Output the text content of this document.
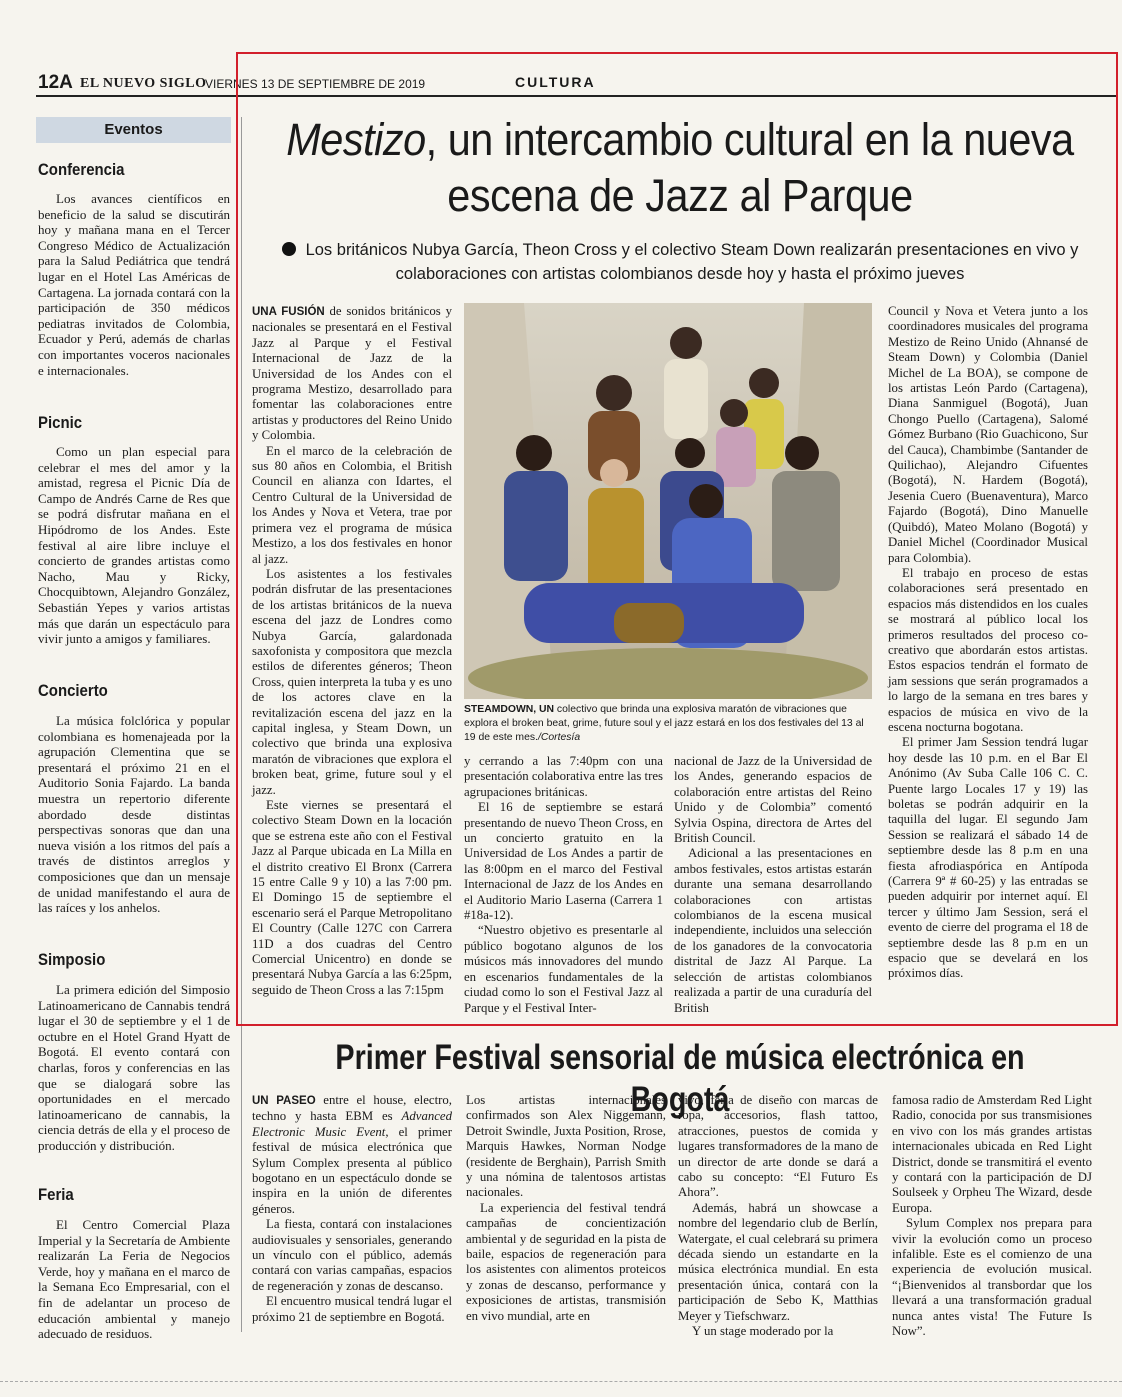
12A EL NUEVO SIGLO
VIERNES 13 DE SEPTIEMBRE DE 2019	CULTURA
Eventos
Conferencia
Los avances científicos en beneficio de la salud se discutirán hoy y mañana mana en el Tercer Congreso Médico de Actualización para la Salud Pediátrica que tendrá lugar en el Hotel Las Américas de Cartagena. La jornada contará con la participación de 350 médicos pediatras invitados de Colombia, Ecuador y Perú, además de charlas con importantes voceros nacionales e internacionales.
Picnic
Como un plan especial para celebrar el mes del amor y la amistad, regresa el Picnic Día de Campo de Andrés Carne de Res que se podrá disfrutar mañana en el Hipódromo de los Andes. Este festival al aire libre incluye el concierto de grandes artistas como Nacho, Mau y Ricky, Chocquibtown, Alejandro González, Sebastián Yepes y varios artistas más que darán un espectáculo para vivir junto a amigos y familiares.
Concierto
La música folclórica y popular colombiana es homenajeada por la agrupación Clementina que se presentará el próximo 21 en el Auditorio Sonia Fajardo. La banda muestra un repertorio diferente abordado desde distintas perspectivas sonoras que dan una nueva visión a los ritmos del país a través de distintos arreglos y composiciones que dan un mensaje de unidad manifestando el aura de las raíces y los anhelos.
Simposio
La primera edición del Simposio Latinoamericano de Cannabis tendrá lugar el 30 de septiembre y el 1 de octubre en el Hotel Grand Hyatt de Bogotá. El evento contará con charlas, foros y conferencias en las que se dialogará sobre las oportunidades en el mercado latinoamericano de cannabis, la ciencia detrás de ella y el proceso de producción y distribución.
Feria
El Centro Comercial Plaza Imperial y la Secretaría de Ambiente realizarán La Feria de Negocios Verde, hoy y mañana en el marco de la Semana Eco Empresarial, con el fin de adelantar un proceso de educación ambiental y manejo adecuado de residuos.
Mestizo, un intercambio cultural en la nueva escena de Jazz al Parque
Los británicos Nubya García, Theon Cross y el colectivo Steam Down realizarán presentaciones en vivo y colaboraciones con artistas colombianos desde hoy y hasta el próximo jueves

UNA FUSIÓN de sonidos británicos y nacionales se presentará en el Festival Jazz al Parque y el Festival Internacional de Jazz de la Universidad de los Andes con el programa Mestizo, desarrollado para fomentar las colaboraciones entre artistas y productores del Reino Unido y Colombia.

En el marco de la celebración de sus 80 años en Colombia, el British Council en alianza con Idartes, el Centro Cultural de la Universidad de los Andes y Nova et Vetera, trae por primera vez el programa de música Mestizo, a los dos festivales en honor al jazz.

Los asistentes a los festivales podrán disfrutar de las presentaciones de los artistas británicos de la nueva escena del jazz de Londres como Nubya García, galardonada saxofonista y compositora que mezcla estilos de diferentes géneros; Theon Cross, quien interpreta la tuba y es uno de los actores clave en la revitalización escena del jazz en la capital inglesa, y Steam Down, un colectivo que brinda una explosiva maratón de vibraciones que explora el broken beat, grime, future soul y el jazz.

Este viernes se presentará el colectivo Steam Down en la locación que se estrena este año con el Festival Jazz al Parque ubicada en La Milla en el distrito creativo El Bronx (Carrera 15 entre Calle 9 y 10) a las 7:00 pm. El Domingo 15 de septiembre el escenario será el Parque Metropolitano El Country (Calle 127C con Carrera 11D a dos cuadras del Centro Comercial Unicentro) en donde se presentará Nubya García a las 6:25pm, seguido de Theon Cross a las 7:15pm

STEAMDOWN, UN colectivo que brinda una explosiva maratón de vibraciones que explora el broken beat, grime, future soul y el jazz estará en los dos festivales del 13 al 19 de este mes./Cortesía

y cerrando a las 7:40pm con una presentación colaborativa entre las tres agrupaciones británicas.

El 16 de septiembre se estará presentando de nuevo Theon Cross, en un concierto gratuito en la Universidad de Los Andes a partir de las 8:00pm en el marco del Festival Internacional de Jazz de los Andes en el Auditorio Mario Laserna (Carrera 1 #18a-12).

“Nuestro objetivo es presentarle al público bogotano algunos de los músicos más innovadores del mundo en escenarios fundamentales de la ciudad como lo son el Festival Jazz al Parque y el Festival Inter-

nacional de Jazz de la Universidad de los Andes, generando espacios de colaboración entre artistas del Reino Unido y de Colombia” comentó Sylvia Ospina, directora de Artes del British Council.

Adicional a las presentaciones en ambos festivales, estos artistas estarán durante una semana desarrollando colaboraciones con artistas colombianos de la escena musical independiente, incluidos una selección de los ganadores de la convocatoria distrital de Jazz Al Parque. La selección de artistas colombianos realizada a partir de una curaduría del British

Council y Nova et Vetera junto a los coordinadores musicales del programa Mestizo de Reino Unido (Ahnansé de Steam Down) y Colombia (Daniel Michel de La BOA), se compone de los artistas León Pardo (Cartagena), Diana Sanmiguel (Bogotá), Juan Chongo Puello (Cartagena), Salomé Gómez Burbano (Rio Guachicono, Sur del Cauca), Chambimbe (Santander de Quilichao), Alejandro Cifuentes (Bogotá), N. Hardem (Bogotá), Jesenia Cuero (Buenaventura), Marco Fajardo (Bogotá), Dino Manuelle (Quibdó), Mateo Molano (Bogotá) y Daniel Michel (Coordinador Musical para Colombia).

El trabajo en proceso de estas colaboraciones será presentado en espacios más distendidos en los cuales se mostrará al público local los primeros resultados del proceso co-creativo que abordarán estos artistas. Estos espacios tendrán el formato de jam sessions que serán programados a lo largo de la semana en tres bares y espacios de música en vivo de la escena nocturna bogotana.

El primer Jam Session tendrá lugar hoy desde las 10 p.m. en el Bar El Anónimo (Av Suba Calle 106 C. C. Puente largo Locales 17 y 19) las boletas se podrán adquirir en la taquilla del lugar. El segundo Jam Session se realizará el sábado 14 de septiembre desde las 8 p.m en una fiesta afrodiaspórica en Antípoda (Carrera 9ª # 60-25) y las entradas se pueden adquirir por internet aquí. El tercer y último Jam Session, será el evento de cierre del programa el 18 de septiembre desde las 8 p.m en un espacio que se develará en los próximos días.

Primer Festival sensorial de música electrónica en Bogotá

UN PASEO entre el house, electro, techno y hasta EBM es Advanced Electronic Music Event, el primer festival de música electrónica que Sylum Complex presenta al público bogotano en un espectáculo donde se inspira en la unión de diferentes géneros.

La fiesta, contará con instalaciones audiovisuales y sensoriales, generando un vínculo con el público, además contará con varias campañas, espacios de regeneración y zonas de descanso.

El encuentro musical tendrá lugar el próximo 21 de septiembre en Bogotá.

Los artistas internacionales confirmados son Alex Niggemann, Detroit Swindle, Juxta Position, Rrose, Marquis Hawkes, Norman Nodge (residente de Berghain), Parrish Smith y una nómina de talentosos artistas nacionales.

La experiencia del festival tendrá campañas de concientización ambiental y de seguridad en la pista de baile, espacios de regeneración para los asistentes con alimentos proteicos y zonas de descanso, performance y exposiciones de artistas, transmisión en vivo mundial, arte en

vivo, feria de diseño con marcas de ropa, accesorios, flash tattoo, atracciones, puestos de comida y lugares transformadores de la mano de un director de arte donde se dará a cabo su concepto: “El Futuro Es Ahora”.

Además, habrá un showcase a nombre del legendario club de Berlín, Watergate, el cual celebrará su primera década siendo un estandarte en la música electrónica mundial. En esta presentación única, contará con la participación de Sebo K, Matthias Meyer y Tiefschwarz.

Y un stage moderado por la

famosa radio de Amsterdam Red Light Radio, conocida por sus transmisiones en vivo con los más grandes artistas internacionales ubicada en Red Light District, donde se transmitirá el evento y contará con la participación de DJ Soulseek y Orpheu The Wizard, desde Europa.

Sylum Complex nos prepara para vivir la evolución como un proceso infalible. Este es el comienzo de una experiencia de evolución musical. “¡Bienvenidos al transbordar que los llevará a una transformación gradual nunca antes vista! The Future Is Now”.
